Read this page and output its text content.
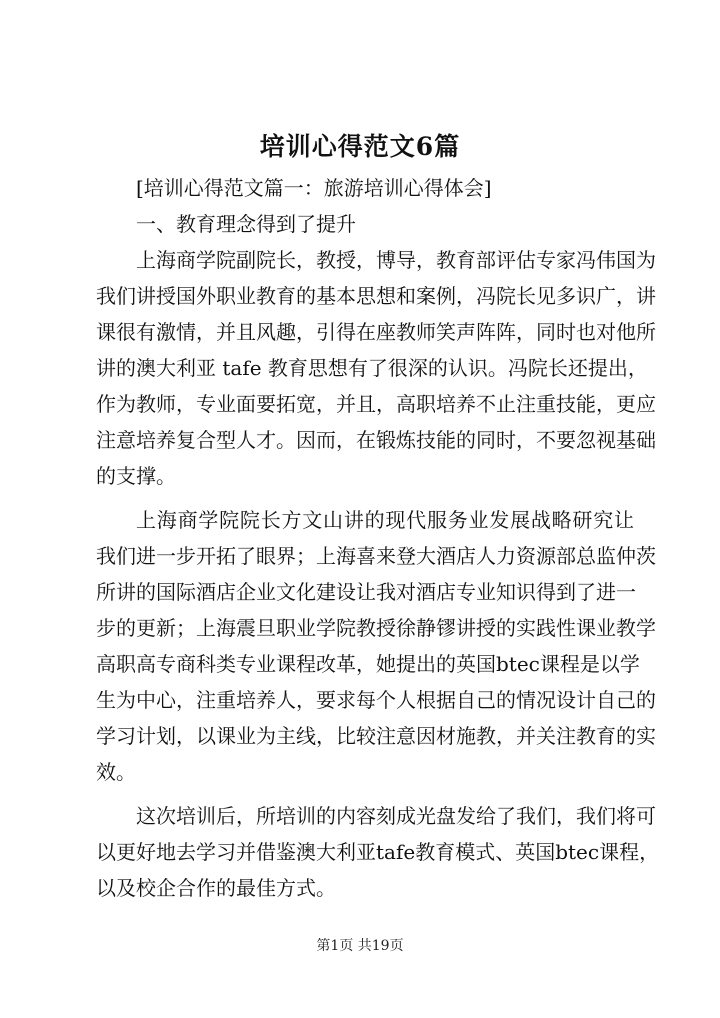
培训心得范文6篇
[培训心得范文篇一：旅游培训心得体会]
一、教育理念得到了提升
上海商学院副院长，教授，博导，教育部评估专家冯伟国为
我们讲授国外职业教育的基本思想和案例，冯院长见多识广，讲
课很有激情，并且风趣，引得在座教师笑声阵阵，同时也对他所
讲的澳大利亚 tafe 教育思想有了很深的认识。冯院长还提出，
作为教师，专业面要拓宽，并且，高职培养不止注重技能，更应
注意培养复合型人才。因而，在锻炼技能的同时，不要忽视基础
的支撑。
上海商学院院长方文山讲的现代服务业发展战略研究让
我们进一步开拓了眼界；上海喜来登大酒店人力资源部总监仲茨
所讲的国际酒店企业文化建设让我对酒店专业知识得到了进一
步的更新；上海震旦职业学院教授徐静镠讲授的实践性课业教学
高职高专商科类专业课程改革，她提出的英国btec课程是以学
生为中心，注重培养人，要求每个人根据自己的情况设计自己的
学习计划，以课业为主线，比较注意因材施教，并关注教育的实
效。
这次培训后，所培训的内容刻成光盘发给了我们，我们将可
以更好地去学习并借鉴澳大利亚tafe教育模式、英国btec课程，
以及校企合作的最佳方式。
第1页 共19页
